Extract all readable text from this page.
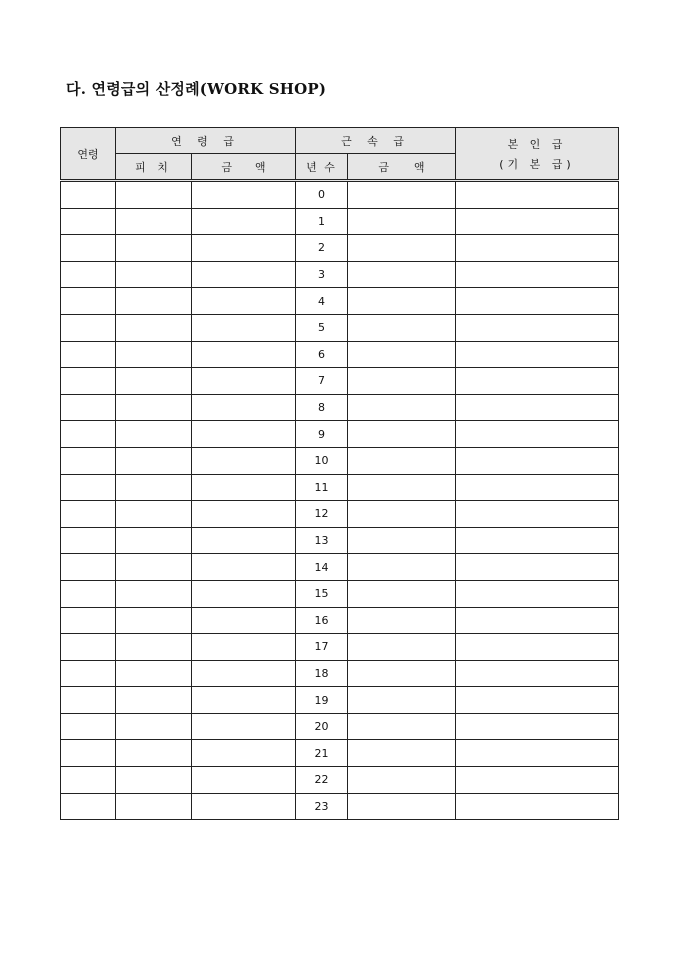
다. 연령급의 산정례(WORK SHOP)
연령	연 령 급		근 속 급		본 인 급
(기 본 급)

	피 치	금 액	년 수	금 액	

			0		
			1		
			2		
			3		
			4		
			5		
			6		
			7		
			8		
			9		
			10		
			11		
			12		
			13		
			14		
			15		
			16		
			17		
			18		
			19		
			20		
			21		
			22		
			23		
